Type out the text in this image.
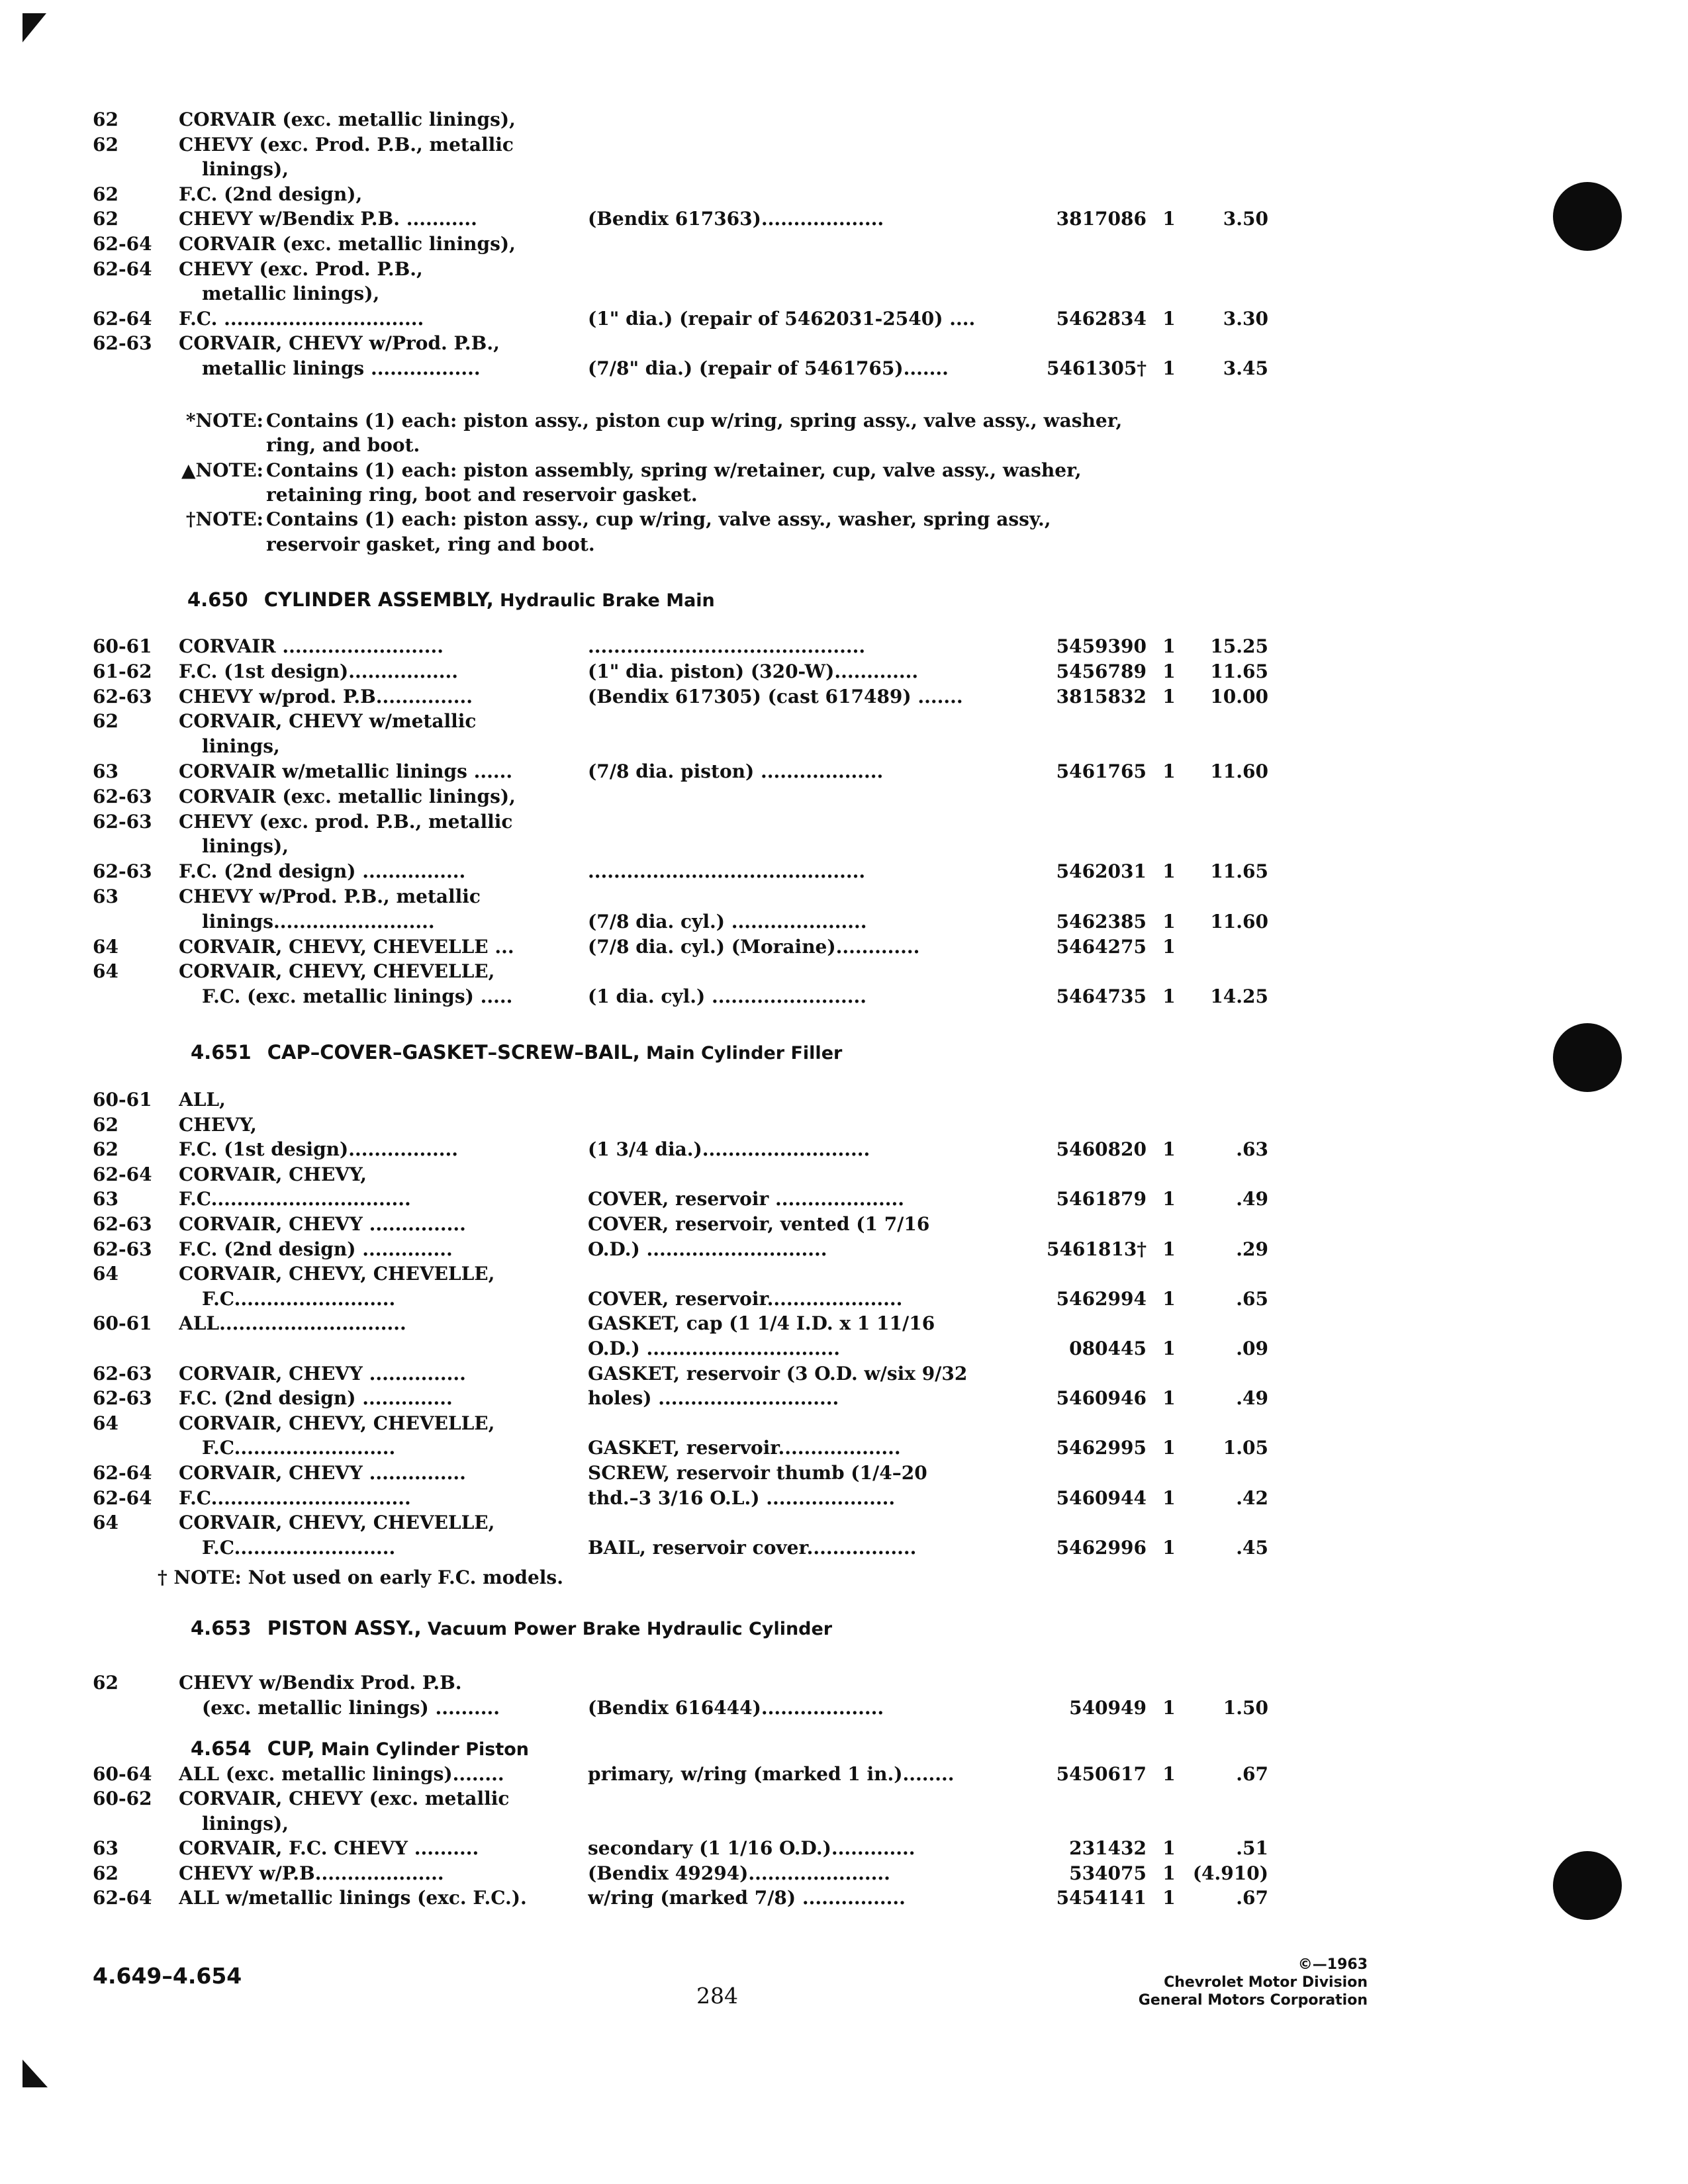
62	CORVAIR (exc. metallic linings),
62	CHEVY (exc. Prod. P.B., metallic
linings),
62	F.C. (2nd design),
62	CHEVY w/Bendix P.B. ...........	(Bendix 617363)...................	3817086 1	3.50
62-64 CORVAIR (exc. metallic linings),
62-64 CHEVY (exc. Prod. P.B.,
metallic linings),
62-64 F.C. ...............................	(1" dia.) (repair of 5462031-2540) ....	5462834 1	3.30
62-63 CORVAIR, CHEVY w/Prod. P.B.,
metallic linings .................	(7/8" dia.) (repair of 5461765).......	5461305† 1	3.45
*NOTE: Contains (1) each: piston assy., piston cup w/ring, spring assy., valve assy., washer,
ring, and boot.
▲NOTE: Contains (1) each: piston assembly, spring w/retainer, cup, valve assy., washer,
retaining ring, boot and reservoir gasket.
†NOTE: Contains (1) each: piston assy., cup w/ring, valve assy., washer, spring assy.,
reservoir gasket, ring and boot.
4.650 CYLINDER ASSEMBLY, Hydraulic Brake Main
60-61 CORVAIR .........................	...........................................	5459390 1	15.25
61-62 F.C. (1st design).................	(1" dia. piston) (320-W).............	5456789 1	11.65
62-63 CHEVY w/prod. P.B...............	(Bendix 617305) (cast 617489) .......	3815832 1	10.00
62	CORVAIR, CHEVY w/metallic
linings,
63	CORVAIR w/metallic linings ......	(7/8 dia. piston) ...................	5461765 1	11.60
62-63 CORVAIR (exc. metallic linings),
62-63 CHEVY (exc. prod. P.B., metallic
linings),
62-63 F.C. (2nd design) ................	...........................................	5462031 1	11.65
63	CHEVY w/Prod. P.B., metallic
linings.........................	(7/8 dia. cyl.) .....................	5462385 1	11.60
64	CORVAIR, CHEVY, CHEVELLE ...	(7/8 dia. cyl.) (Moraine).............	5464275 1
64	CORVAIR, CHEVY, CHEVELLE,
F.C. (exc. metallic linings) .....	(1 dia. cyl.) ........................	5464735 1	14.25
4.651 CAP–COVER–GASKET–SCREW–BAIL, Main Cylinder Filler
60-61 ALL,
62	CHEVY,
62	F.C. (1st design).................	(1 3/4 dia.)..........................	5460820 1	.63
62-64 CORVAIR, CHEVY,
63	F.C...............................	COVER, reservoir ....................	5461879 1	.49
62-63 CORVAIR, CHEVY ...............	COVER, reservoir, vented (1 7/16
62-63 F.C. (2nd design) ..............	O.D.) ............................	5461813† 1	.29
64	CORVAIR, CHEVY, CHEVELLE,
F.C.........................	COVER, reservoir.....................	5462994 1	.65
60-61 ALL.............................	GASKET, cap (1 1/4 I.D. x 1 11/16
O.D.) ..............................	080445 1	.09
62-63 CORVAIR, CHEVY ...............	GASKET, reservoir (3 O.D. w/six 9/32
62-63 F.C. (2nd design) ..............	holes) ............................	5460946 1	.49
64	CORVAIR, CHEVY, CHEVELLE,
F.C.........................	GASKET, reservoir...................	5462995 1	1.05
62-64 CORVAIR, CHEVY ...............	SCREW, reservoir thumb (1/4–20
62-64 F.C...............................	thd.–3 3/16 O.L.) ....................	5460944 1	.42
64	CORVAIR, CHEVY, CHEVELLE,
F.C.........................	BAIL, reservoir cover.................	5462996 1	.45
† NOTE: Not used on early F.C. models.
4.653 PISTON ASSY., Vacuum Power Brake Hydraulic Cylinder
62	CHEVY w/Bendix Prod. P.B.
(exc. metallic linings) ..........	(Bendix 616444)...................	540949 1	1.50
4.654 CUP, Main Cylinder Piston
60-64 ALL (exc. metallic linings)........	primary, w/ring (marked 1 in.)........	5450617 1	.67
60-62 CORVAIR, CHEVY (exc. metallic
linings),
63	CORVAIR, F.C. CHEVY ..........	secondary (1 1/16 O.D.).............	231432 1	.51
62	CHEVY w/P.B....................	(Bendix 49294)......................	534075 1 (4.910)
62-64 ALL w/metallic linings (exc. F.C.).	w/ring (marked 7/8) ................	5454141 1	.67
4.649–4.654
284
©—1963
Chevrolet Motor Division
General Motors Corporation
